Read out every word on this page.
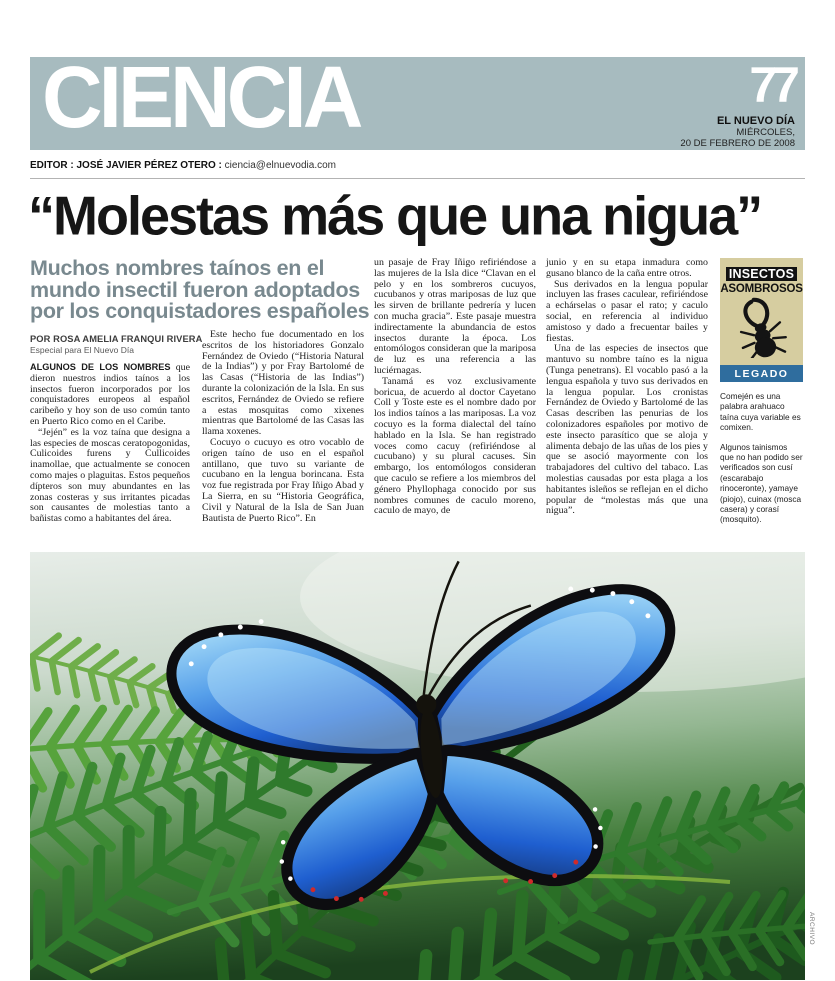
CIENCIA	77
EL NUEVO DÍA
MIÉRCOLES,
20 DE FEBRERO DE 2008
EDITOR : JOSÉ JAVIER PÉREZ OTERO : ciencia@elnuevodia.com
“Molestas más que una nigua”
Muchos nombres taínos en el mundo insectil fueron adoptados por los conquistadores españoles
POR ROSA AMELIA FRANQUI RIVERA
Especial para El Nuevo Día

ALGUNOS DE LOS NOMBRES que dieron nuestros indios taínos a los insectos fueron incorporados por los conquistadores europeos al español caribeño y hoy son de uso común tanto en Puerto Rico como en el Caribe.

“Jején” es la voz taína que designa a las especies de moscas ceratopogonidas, Culicoides furens y Cullicoides inamollae, que actualmente se conocen como majes o plaguitas. Estos pequeños dípteros son muy abundantes en las zonas costeras y sus irritantes picadas son causantes de molestias tanto a bañistas como a habitantes del área.

Este hecho fue documentado en los escritos de los historiadores Gonzalo Fernández de Oviedo (“Historia Natural de la Indias”) y por Fray Bartolomé de las Casas (“Historia de las Indias”) durante la colonización de la Isla. En sus escritos, Fernández de Oviedo se refiere a estas mosquitas como xixenes mientras que Bartolomé de las Casas las llama xoxenes.

Cocuyo o cucuyo es otro vocablo de origen taíno de uso en el español antillano, que tuvo su variante de cucubano en la lengua borincana. Esta voz fue registrada por Fray Iñigo Abad y La Sierra, en su “Historia Geográfica, Civil y Natural de la Isla de San Juan Bautista de Puerto Rico”. En

un pasaje de Fray Iñigo refiriéndose a las mujeres de la Isla dice “Clavan en el pelo y en los sombreros cucuyos, cucubanos y otras mariposas de luz que les sirven de brillante pedrería y lucen con mucha gracia”. Este pasaje muestra indirectamente la abundancia de estos insectos durante la época. Los entomólogos consideran que la mariposa de luz es una referencia a las luciérnagas.

Tanamá es voz exclusivamente boricua, de acuerdo al doctor Cayetano Coll y Toste este es el nombre dado por los indios taínos a las mariposas. La voz cocuyo es la forma dialectal del taíno hablado en la Isla. Se han registrado voces como cacuy (refiriéndose al cucubano) y su plural cacuses. Sin embargo, los entomólogos consideran que caculo se refiere a los miembros del género Phyllophaga conocido por sus nombres comunes de caculo moreno, caculo de mayo, de

junio y en su etapa inmadura como gusano blanco de la caña entre otros.

Sus derivados en la lengua popular incluyen las frases caculear, refiriéndose a echárselas o pasar el rato; y caculo social, en referencia al individuo amistoso y dado a frecuentar bailes y fiestas.

Una de las especies de insectos que mantuvo su nombre taíno es la nigua (Tunga penetrans). El vocablo pasó a la lengua española y tuvo sus derivados en la lengua popular. Los cronistas Fernández de Oviedo y Bartolomé de las Casas describen las penurias de los colonizadores españoles por motivo de este insecto parasítico que se aloja y alimenta debajo de las uñas de los pies y que se asoció mayormente con los trabajadores del cultivo del tabaco. Las molestias causadas por esta plaga a los habitantes isleños se reflejan en el dicho popular de “molestas más que una nigua”.

INSECTOS
ASOMBROSOS
LEGADO
Comején es una palabra arahuaco taína cuya variable es comixen.
Algunos tainismos que no han podido ser verificados son cusí (escarabajo rinoceronte), yamaye (piojo), cuinax (mosca casera) y corasí (mosquito).
ARCHIVO
